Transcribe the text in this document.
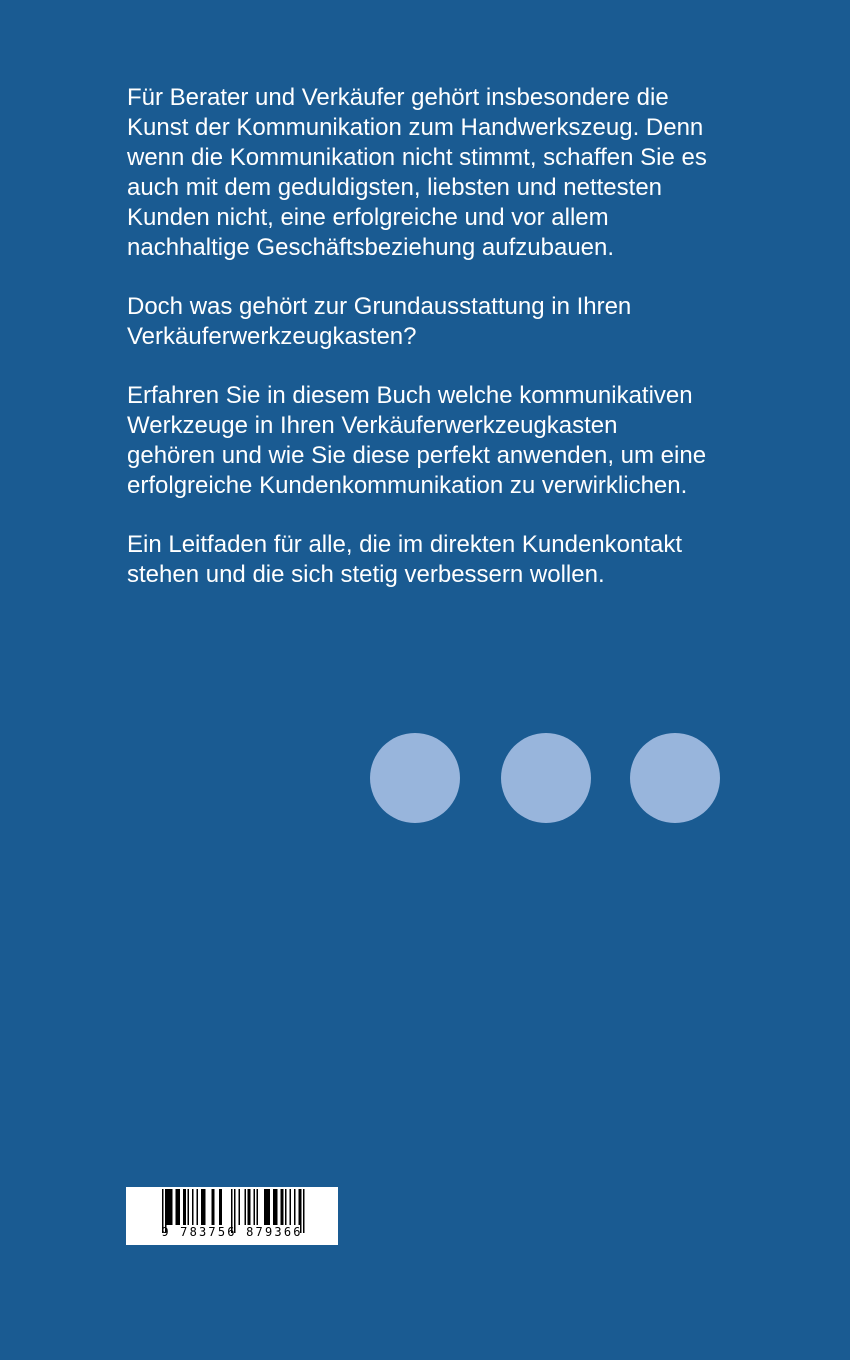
Für Berater und Verkäufer gehört insbesondere die
Kunst der Kommunikation zum Handwerkszeug. Denn
wenn die Kommunikation nicht stimmt, schaffen Sie es
auch mit dem geduldigsten, liebsten und nettesten
Kunden nicht, eine erfolgreiche und vor allem
nachhaltige Geschäftsbeziehung aufzubauen.

Doch was gehört zur Grundausstattung in Ihren
Verkäuferwerkzeugkasten?

Erfahren Sie in diesem Buch welche kommunikativen
Werkzeuge in Ihren Verkäuferwerkzeugkasten
gehören und wie Sie diese perfekt anwenden, um eine
erfolgreiche Kundenkommunikation zu verwirklichen.

Ein Leitfaden für alle, die im direkten Kundenkontakt
stehen und die sich stetig verbessern wollen.

9 783756 879366
